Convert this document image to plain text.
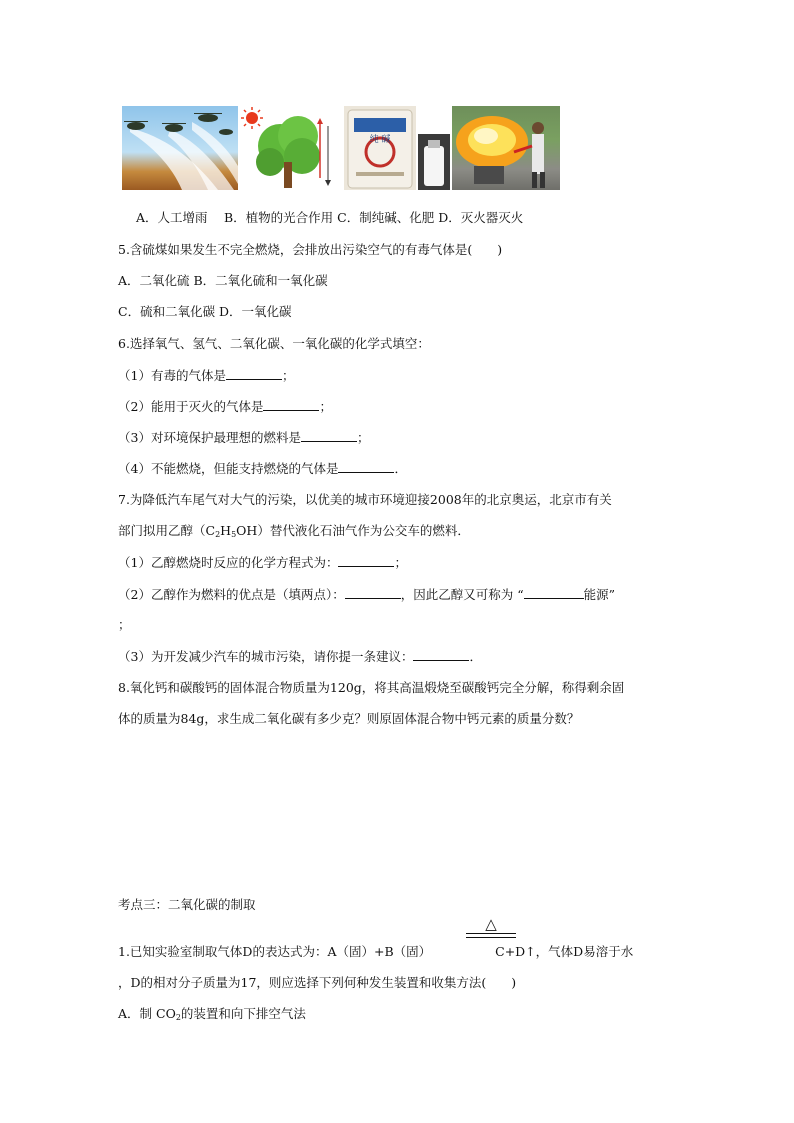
纯 碱
A．人工增雨　 B．植物的光合作用 C．制纯碱、化肥 D．灭火器灭火
5.含硫煤如果发生不完全燃烧，会排放出污染空气的有毒气体是(　　)
A．二氧化硫 B．二氧化硫和一氧化碳
C．硫和二氧化碳 D．一氧化碳
6.选择氧气、氢气、二氧化碳、一氧化碳的化学式填空：
（1）有毒的气体是	；
（2）能用于灭火的气体是	；
（3）对环境保护最理想的燃料是	；
（4）不能燃烧，但能支持燃烧的气体是	．
7.为降低汽车尾气对大气的污染，以优美的城市环境迎接2008年的北京奥运，北京市有关
部门拟用乙醇$(C_2H_5OH)$替代液化石油气作为公交车的燃料．
（1）乙醇燃烧时反应的化学方程式为：	；
（2）乙醇作为燃料的优点是（填两点）：	，因此乙醇又可称为 “	能源”
；
（3）为开发减少汽车的城市污染，请你提一条建议：	．
8.氧化钙和碳酸钙的固体混合物质量为120g，将其高温煅烧至碳酸钙完全分解，称得剩余固
体的质量为84g，求生成二氧化碳有多少克？则原固体混合物中钙元素的质量分数？
考点三：二氧化碳的制取
△
1.已知实验室制取气体D的表达式为：A（固）+B（固）	C+D↑，气体D易溶于水
，D的相对分子质量为17，则应选择下列何种发生装置和收集方法(　　)
A．制 $CO_2$的装置和向下排空气法
